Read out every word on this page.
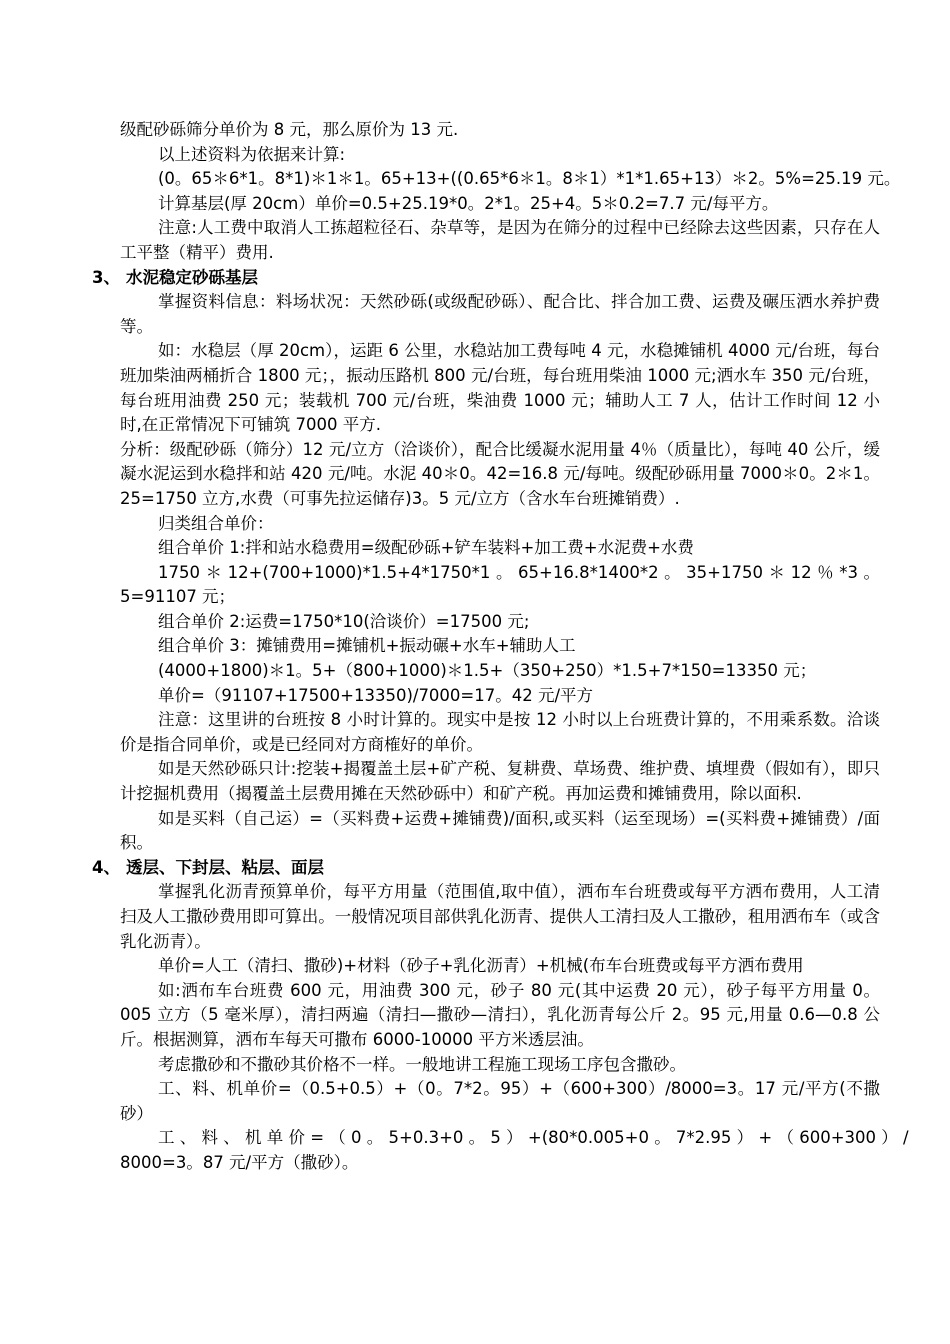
级配砂砾筛分单价为 8 元，那么原价为 13 元.

以上述资料为依据来计算:

(0。65＊6*1。8*1)＊1＊1。65+13+((0.65*6＊1。8＊1）*1*1.65+13）＊2。5%=25.19 元。

计算基层(厚 20cm）单价=0.5+25.19*0。2*1。25+4。5＊0.2=7.7 元/每平方。

注意:人工费中取消人工拣超粒径石、杂草等，是因为在筛分的过程中已经除去这些因素，只存在人工平整（精平）费用.

3、 水泥稳定砂砾基层

掌握资料信息：料场状况：天然砂砾(或级配砂砾）、配合比、拌合加工费、运费及碾压洒水养护费等。

如：水稳层（厚 20cm），运距 6 公里，水稳站加工费每吨 4 元，水稳摊铺机 4000 元/台班，每台班加柴油两桶折合 1800 元；，振动压路机 800 元/台班，每台班用柴油 1000 元;洒水车 350 元/台班，每台班用油费 250 元；装载机 700 元/台班，柴油费 1000 元；辅助人工 7 人，估计工作时间 12 小时,在正常情况下可铺筑 7000 平方.

分析：级配砂砾（筛分）12 元/立方（洽谈价），配合比缓凝水泥用量 4％（质量比），每吨 40 公斤，缓凝水泥运到水稳拌和站 420 元/吨。水泥 40＊0。42=16.8 元/每吨。级配砂砾用量 7000＊0。2＊1。25=1750 立方,水费（可事先拉运储存)3。5 元/立方（含水车台班摊销费）.

归类组合单价：

组合单价 1:拌和站水稳费用=级配砂砾+铲车装料+加工费+水泥费+水费

1750＊12+(700+1000)*1.5+4*1750*1。65+16.8*1400*2。35+1750＊12％*3。5=91107 元；

组合单价 2:运费=1750*10(洽谈价）=17500 元;

组合单价 3：摊铺费用=摊铺机+振动碾+水车+辅助人工

(4000+1800)＊1。5+（800+1000)＊1.5+（350+250）*1.5+7*150=13350 元；

单价=（91107+17500+13350)/7000=17。42 元/平方

注意：这里讲的台班按 8 小时计算的。现实中是按 12 小时以上台班费计算的，不用乘系数。洽谈价是指合同单价，或是已经同对方商榷好的单价。

如是天然砂砾只计:挖装+揭覆盖土层+矿产税、复耕费、草场费、维护费、填埋费（假如有），即只计挖掘机费用（揭覆盖土层费用摊在天然砂砾中）和矿产税。再加运费和摊铺费用，除以面积.

如是买料（自己运）=（买料费+运费+摊铺费)/面积,或买料（运至现场）=(买料费+摊铺费）/面积。

4、 透层、下封层、粘层、面层

掌握乳化沥青预算单价，每平方用量（范围值,取中值），洒布车台班费或每平方洒布费用，人工清扫及人工撒砂费用即可算出。一般情况项目部供乳化沥青、提供人工清扫及人工撒砂，租用洒布车（或含乳化沥青）。

单价=人工（清扫、撒砂)+材料（砂子+乳化沥青）+机械(布车台班费或每平方洒布费用

如:洒布车台班费 600 元，用油费 300 元，砂子 80 元(其中运费 20 元），砂子每平方用量 0。005 立方（5 毫米厚），清扫两遍（清扫—撒砂—清扫），乳化沥青每公斤 2。95 元,用量 0.6—0.8 公斤。根据测算，洒布车每天可撒布 6000-10000 平方米透层油。

考虑撒砂和不撒砂其价格不一样。一般地讲工程施工现场工序包含撒砂。

工、料、机单价=（0.5+0.5）+（0。7*2。95）+（600+300）/8000=3。17 元/平方(不撒砂）

工 、 料 、 机 单 价 = （ 0 。 5+0.3+0 。 5 ） +(80*0.005+0 。 7*2.95 ） + （ 600+300 ） /

8000=3。87 元/平方（撒砂）。
